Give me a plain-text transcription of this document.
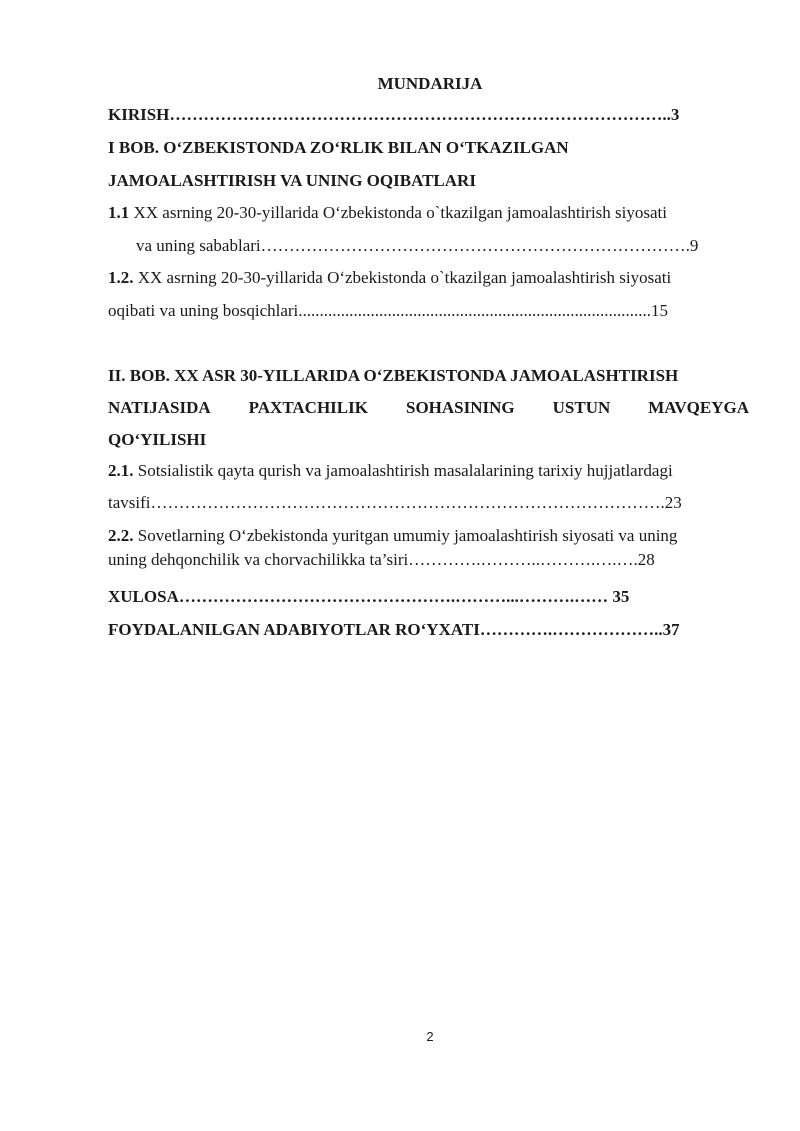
MUNDARIJA
KIRISH……………………………………………………………………………..3
I BOB. O‘ZBEKISTONDA ZO‘RLIK BILAN O‘TKAZILGAN
JAMOALASHTIRISH VA UNING OQIBATLARI
1.1 XX asrning 20-30-yillarida O‘zbekistonda o`tkazilgan jamoalashtirish siyosati
va uning sabablari………………………………………………………………….9
1.2. XX asrning 20-30-yillarida O‘zbekistonda o`tkazilgan jamoalashtirish siyosati
oqibati va uning bosqichlari...................................................................................15
II. BOB. XX ASR 30-YILLARIDA O‘ZBEKISTONDA JAMOALASHTIRISH
NATIJASIDA PAXTACHILIK SOHASINING USTUN MAVQEYGA
QO‘YILISHI
2.1. Sotsialistik qayta qurish va jamoalashtirish masalalarining tarixiy hujjatlardagi
tavsifi……………………………………………………………………………….23
2.2. Sovetlarning O‘zbekistonda yuritgan umumiy jamoalashtirish siyosati va uning
uning dehqonchilik va chorvachilikka ta’siri………….………..……….….….28
XULOSA………………………………………….………...……….…… 35
FOYDALANILGAN ADABIYOTLAR RO‘YXATI………….………………..37
2
